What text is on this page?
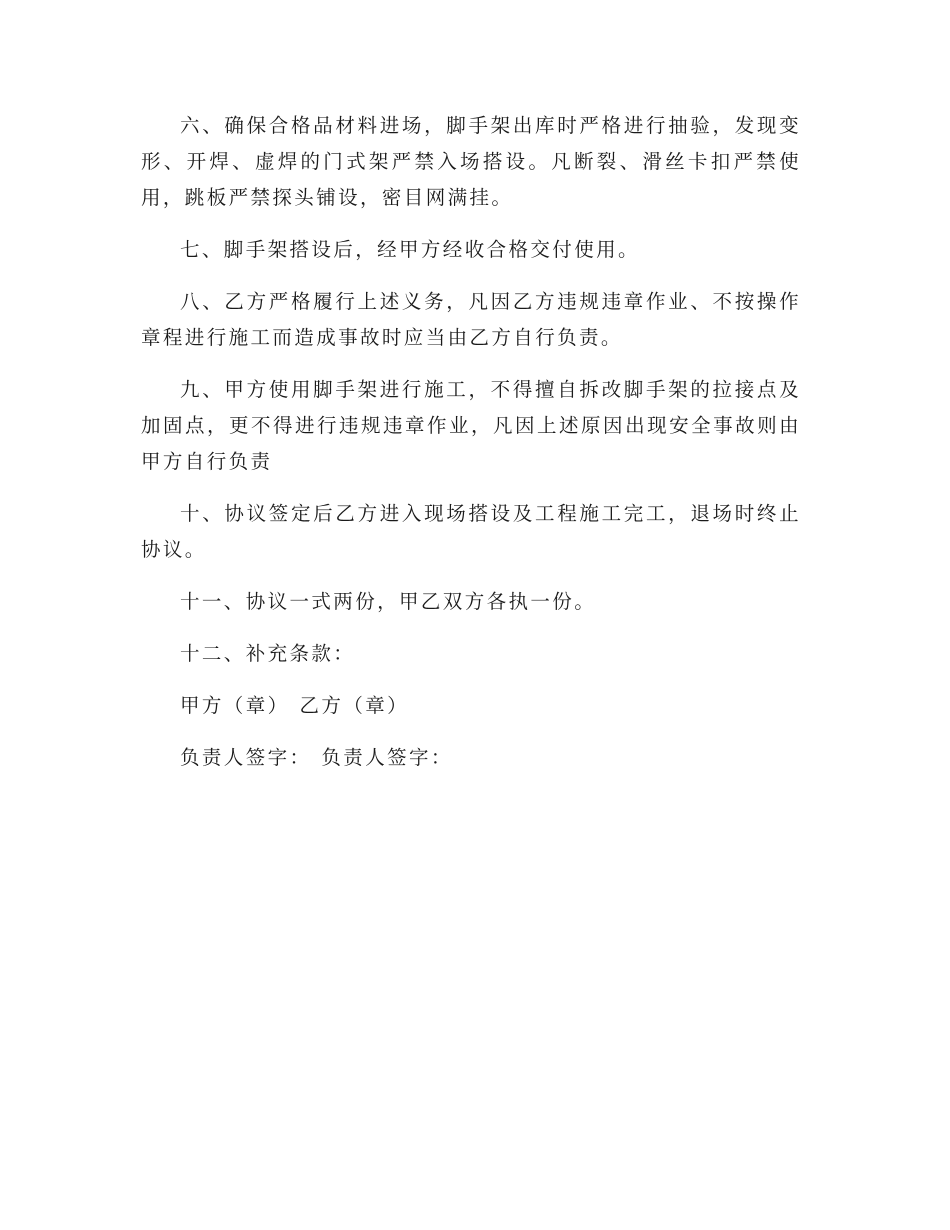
六、确保合格品材料进场，脚手架出库时严格进行抽验，发现变形、开焊、虚焊的门式架严禁入场搭设。凡断裂、滑丝卡扣严禁使用，跳板严禁探头铺设，密目网满挂。

七、脚手架搭设后，经甲方经收合格交付使用。

八、乙方严格履行上述义务，凡因乙方违规违章作业、不按操作章程进行施工而造成事故时应当由乙方自行负责。

九、甲方使用脚手架进行施工，不得擅自拆改脚手架的拉接点及加固点，更不得进行违规违章作业，凡因上述原因出现安全事故则由甲方自行负责

十、协议签定后乙方进入现场搭设及工程施工完工，退场时终止协议。

十一、协议一式两份，甲乙双方各执一份。

十二、补充条款：

甲方（章） 乙方（章）

负责人签字： 负责人签字：
